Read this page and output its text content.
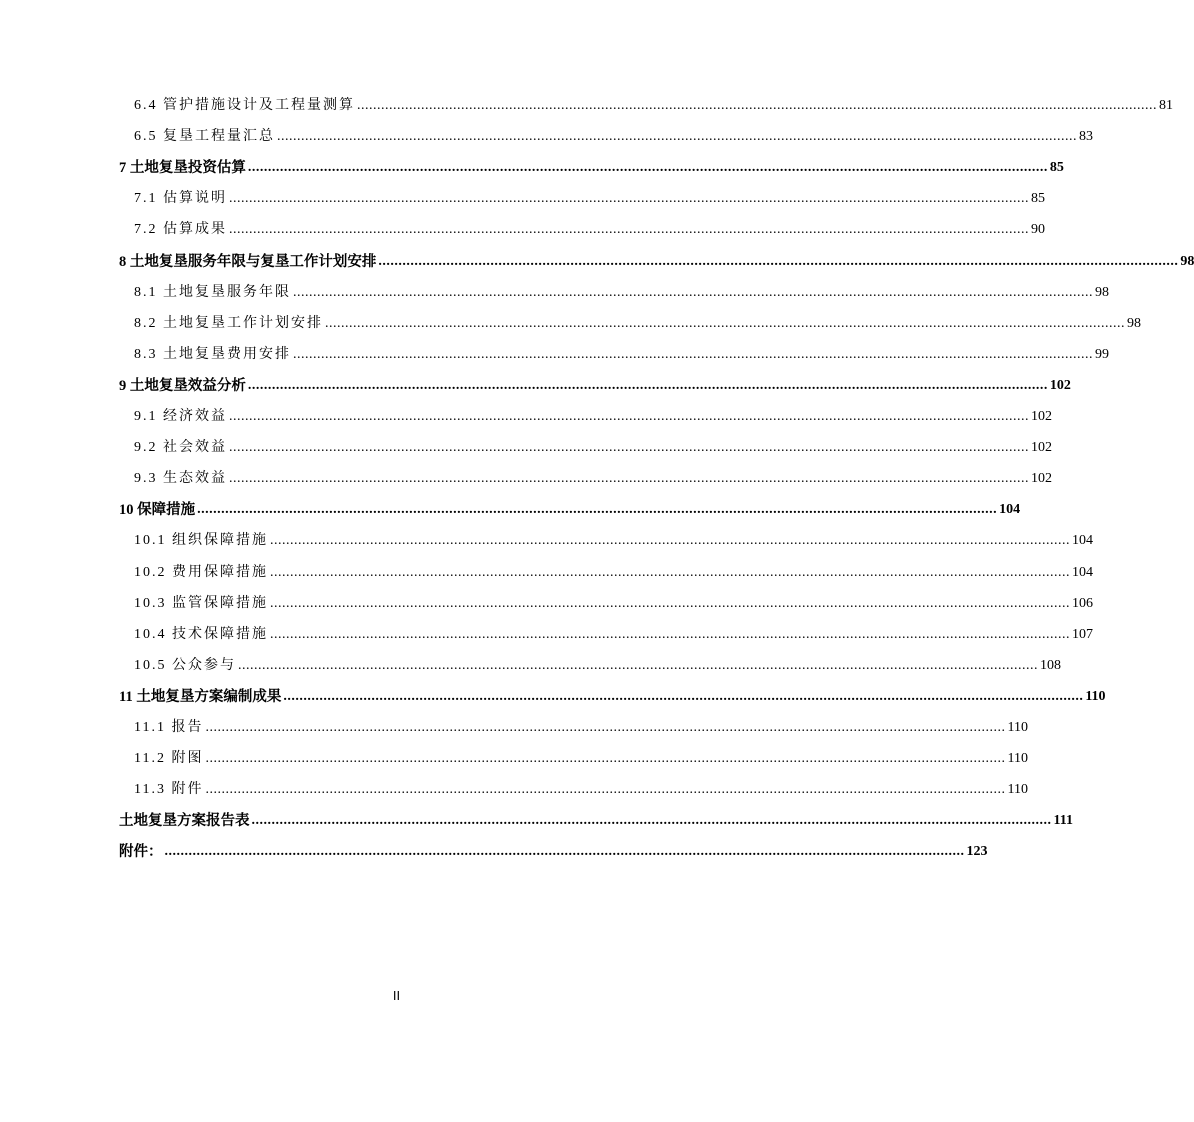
6.4 管护措施设计及工程量测算 ........................................................................................................................................................................................................ 81
6.5 复垦工程量汇总 ........................................................................................................................................................................................................ 83
7 土地复垦投资估算 ........................................................................................................................................................................................................ 85
7.1 估算说明 ........................................................................................................................................................................................................ 85
7.2 估算成果 ........................................................................................................................................................................................................ 90
8 土地复垦服务年限与复垦工作计划安排 ........................................................................................................................................................................................................ 98
8.1 土地复垦服务年限 ........................................................................................................................................................................................................ 98
8.2 土地复垦工作计划安排 ........................................................................................................................................................................................................ 98
8.3 土地复垦费用安排 ........................................................................................................................................................................................................ 99
9 土地复垦效益分析 ........................................................................................................................................................................................................ 102
9.1 经济效益 ........................................................................................................................................................................................................ 102
9.2 社会效益 ........................................................................................................................................................................................................ 102
9.3 生态效益 ........................................................................................................................................................................................................ 102
10 保障措施 ........................................................................................................................................................................................................ 104
10.1 组织保障措施 ........................................................................................................................................................................................................ 104
10.2 费用保障措施 ........................................................................................................................................................................................................ 104
10.3 监管保障措施 ........................................................................................................................................................................................................ 106
10.4 技术保障措施 ........................................................................................................................................................................................................ 107
10.5 公众参与 ........................................................................................................................................................................................................ 108
11 土地复垦方案编制成果 ........................................................................................................................................................................................................ 110
11.1 报告 ........................................................................................................................................................................................................ 110
11.2 附图 ........................................................................................................................................................................................................ 110
11.3 附件 ........................................................................................................................................................................................................ 110
土地复垦方案报告表 ........................................................................................................................................................................................................ 111
附件： ........................................................................................................................................................................................................ 123
II
